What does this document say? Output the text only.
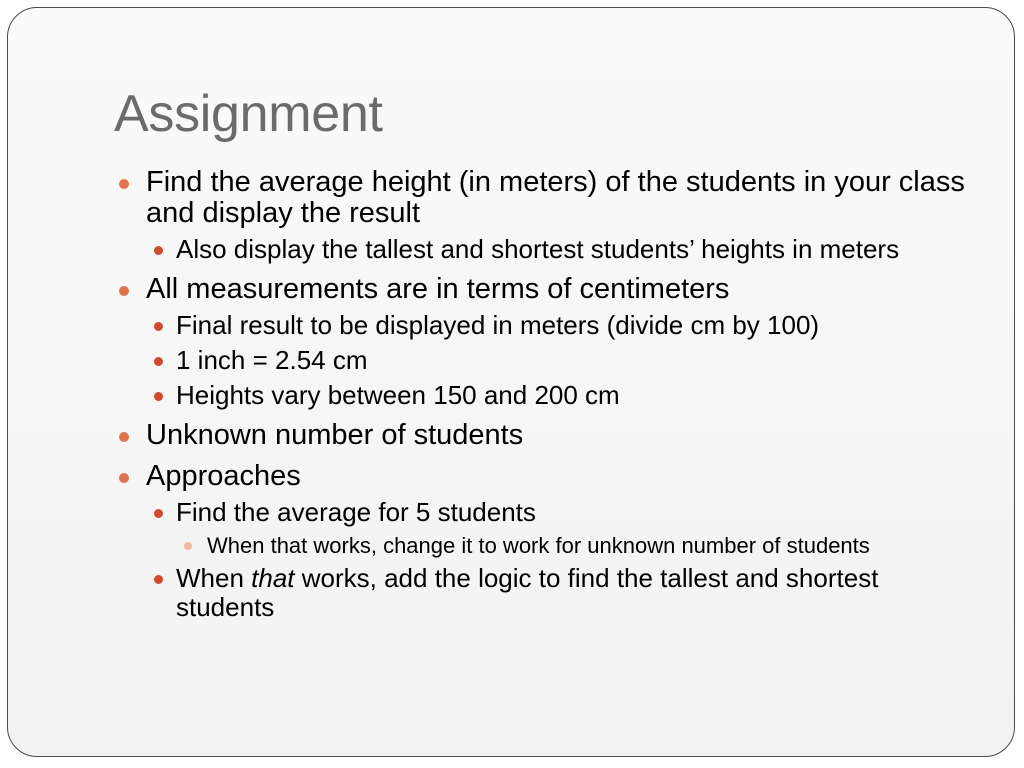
Assignment
Find the average height (in meters) of the students in your class and display the result
Also display the tallest and shortest students’ heights in meters
All measurements are in terms of centimeters
Final result to be displayed in meters (divide cm by 100)
1 inch = 2.54 cm
Heights vary between 150 and 200 cm
Unknown number of students
Approaches
Find the average for 5 students
When that works, change it to work for unknown number of students
When that works, add the logic to find the tallest and shortest students
